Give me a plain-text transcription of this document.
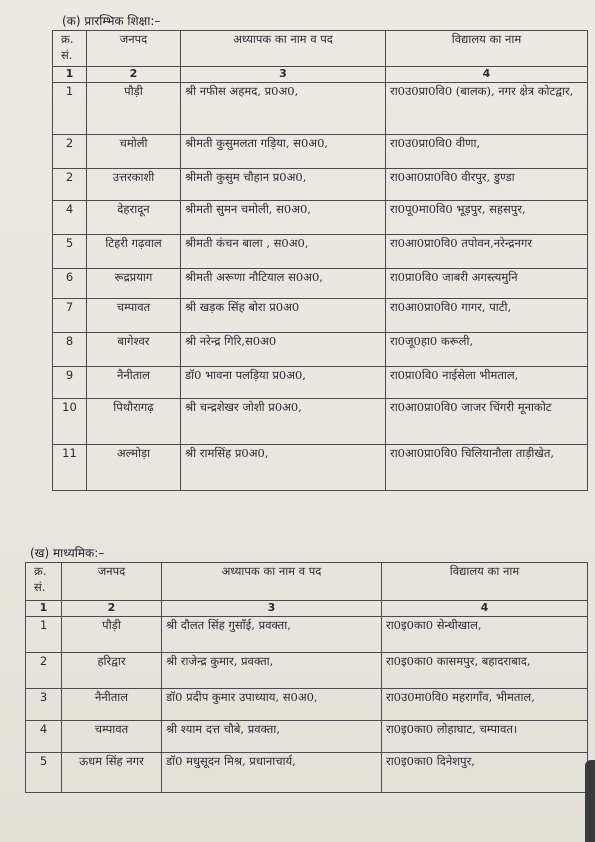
(क) प्रारम्भिक शिक्षा:–
क्र. सं.	जनपद	अध्यापक का नाम व पद	विद्यालय का नाम
1	2	3	4
1	पौड़ी	श्री नफीस अहमद, प्र0अ0,	रा0उ0प्रा0वि0 (बालक), नगर क्षेत्र कोटद्वार,
2	चमोली	श्रीमती कुसुमलता गड़िया, स0अ0,	रा0उ0प्रा0वि0 वीणा,
2	उत्तरकाशी	श्रीमती कुसुम चौहान प्र0अ0,	रा0आ0प्रा0वि0 वीरपुर, डुण्डा
4	देहरादून	श्रीमती सुमन चमोली, स0अ0,	रा0पू0मा0वि0 भूड़पुर, सहसपुर,
5	टिहरी गढ़वाल	श्रीमती कंचन बाला , स0अ0,	रा0आ0प्रा0वि0 तपोवन,नरेन्द्रनगर
6	रूद्रप्रयाग	श्रीमती अरूणा नौटियाल स0अ0,	रा0प्रा0वि0 जाबरी अगस्त्यमुनि
7	चम्पावत	श्री खड़क सिंह बोरा प्र0अ0	रा0आ0प्रा0वि0 गागर, पाटी,
8	बागेश्वर	श्री नरेन्द्र गिरि,स0अ0	रा0जू0हा0 करूली,
9	नैनीताल	डॉ0 भावना पलड़िया प्र0अ0,	रा0प्रा0वि0 नाईसेला भीमताल,
10	पिथौरागढ़	श्री चन्द्रशेखर जोशी प्र0अ0,	रा0आ0प्रा0वि0 जाजर चिंगरी मूनाकोट
11	अल्मोड़ा	श्री रामसिंह प्र0अ0,	रा0आ0प्रा0वि0 चिलियानौला ताड़ीखेत,
(ख) माध्यमिक:–
क्र. सं.	जनपद	अध्यापक का नाम व पद	विद्यालय का नाम
1	2	3	4
1	पौड़ी	श्री दौलत सिंह गुसाँई, प्रवक्ता,	रा0इ0का0 सेन्धीखाल,
2	हरिद्वार	श्री राजेन्द्र कुमार, प्रवक्ता,	रा0इ0का0 कासमपुर, बहादराबाद,
3	नैनीताल	डॉ0 प्रदीप कुमार उपाध्याय, स0अ0,	रा0उ0मा0वि0 महरागाँव, भीमताल,
4	चम्पावत	श्री श्याम दत्त चौबे, प्रवक्ता,	रा0इ0का0 लोहाघाट, चम्पावत।
5	ऊधम सिंह नगर	डॉ0 मधुसूदन मिश्र, प्रधानाचार्य,	रा0इ0का0 दिनेशपुर,
